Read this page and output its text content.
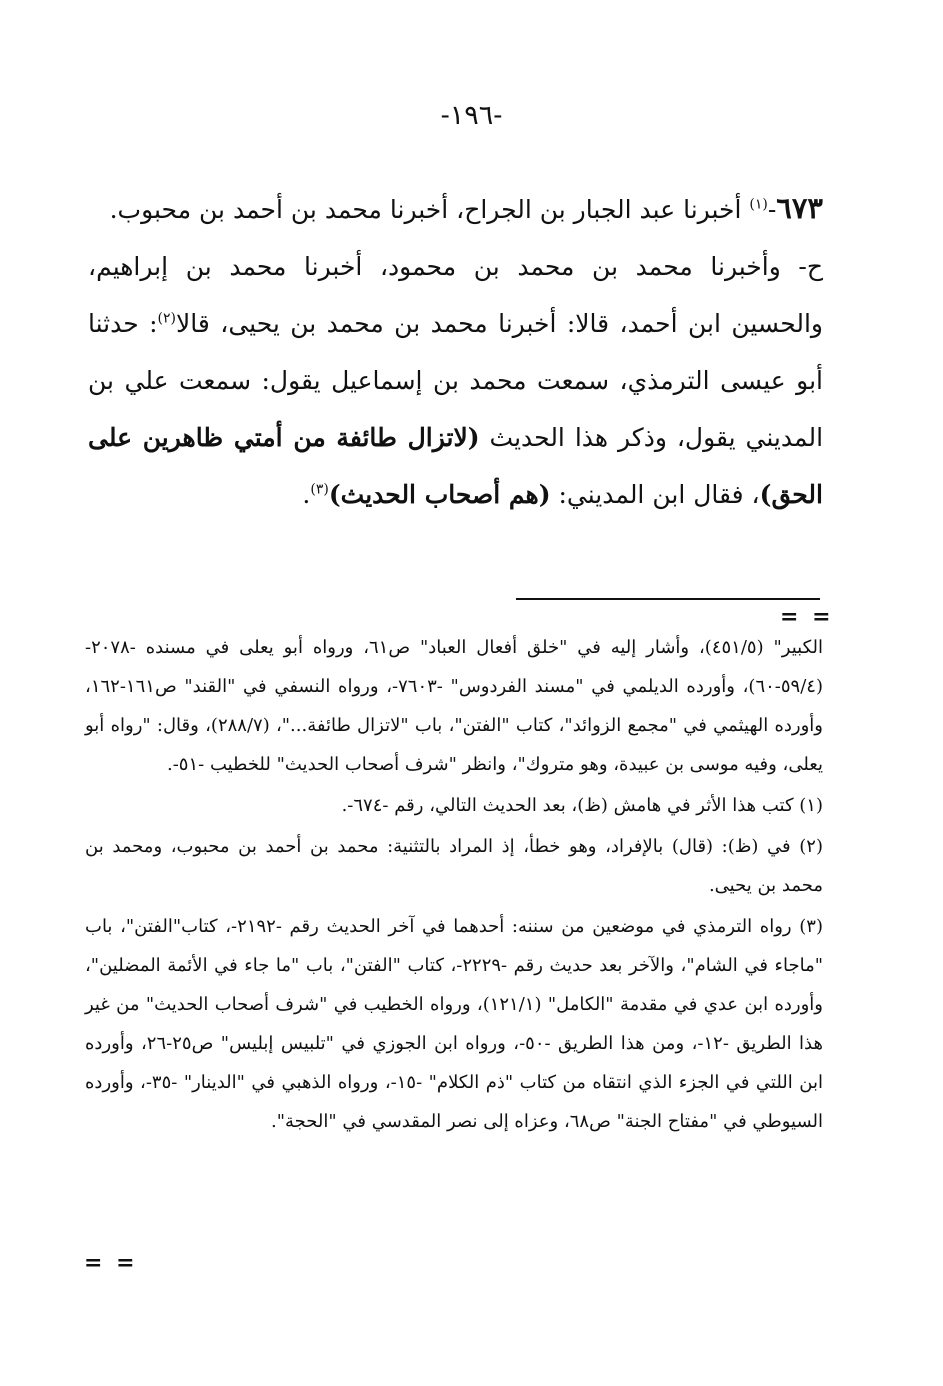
-١٩٦-

٦٧٣-$^{(١)}$ أخبرنا عبد الجبار بن الجراح، أخبرنا محمد بن أحمد بن محبوب.

ح- وأخبرنا محمد بن محمد بن محمود، أخبرنا محمد بن إبراهيم، والحسين ابن أحمد، قالا: أخبرنا محمد بن محمد بن يحيى، قالا$^{(٢)}$: حدثنا أبو عيسى الترمذي، سمعت محمد بن إسماعيل يقول: سمعت علي بن المديني يقول، وذكر هذا الحديث (لاتزال طائفة من أمتي ظاهرين على الحق)، فقال ابن المديني: (هم أصحاب الحديث)$^{(٣)}$.

= =

الكبير" (٤٥١/٥)، وأشار إليه في "خلق أفعال العباد" ص٦١، ورواه أبو يعلى في مسنده -٢٠٧٨- (٥٩/٤-٦٠)، وأورده الديلمي في "مسند الفردوس" -٧٦٠٣-، ورواه النسفي في "القند" ص١٦١-١٦٢، وأورده الهيثمي في "مجمع الزوائد"، كتاب "الفتن"، باب "لاتزال طائفة..."، (٢٨٨/٧)، وقال: "رواه أبو يعلى، وفيه موسى بن عبيدة، وهو متروك"، وانظر "شرف أصحاب الحديث" للخطيب -٥١-.

(١) كتب هذا الأثر في هامش (ظ)، بعد الحديث التالي، رقم -٦٧٤-.

(٢) في (ظ): (قال) بالإفراد، وهو خطأ، إذ المراد بالتثنية: محمد بن أحمد بن محبوب، ومحمد بن محمد بن يحيى.

(٣) رواه الترمذي في موضعين من سننه: أحدهما في آخر الحديث رقم -٢١٩٢-، كتاب"الفتن"، باب "ماجاء في الشام"، والآخر بعد حديث رقم -٢٢٢٩-، كتاب "الفتن"، باب "ما جاء في الأئمة المضلين"، وأورده ابن عدي في مقدمة "الكامل" (١٢١/١)، ورواه الخطيب في "شرف أصحاب الحديث" من غير هذا الطريق -١٢-، ومن هذا الطريق -٥٠-، ورواه ابن الجوزي في "تلبيس إبليس" ص٢٥-٢٦، وأورده ابن اللتي في الجزء الذي انتقاه من كتاب "ذم الكلام" -١٥-، ورواه الذهبي في "الدينار" -٣٥-، وأورده السيوطي في "مفتاح الجنة" ص٦٨، وعزاه إلى نصر المقدسي في "الحجة".

= =
